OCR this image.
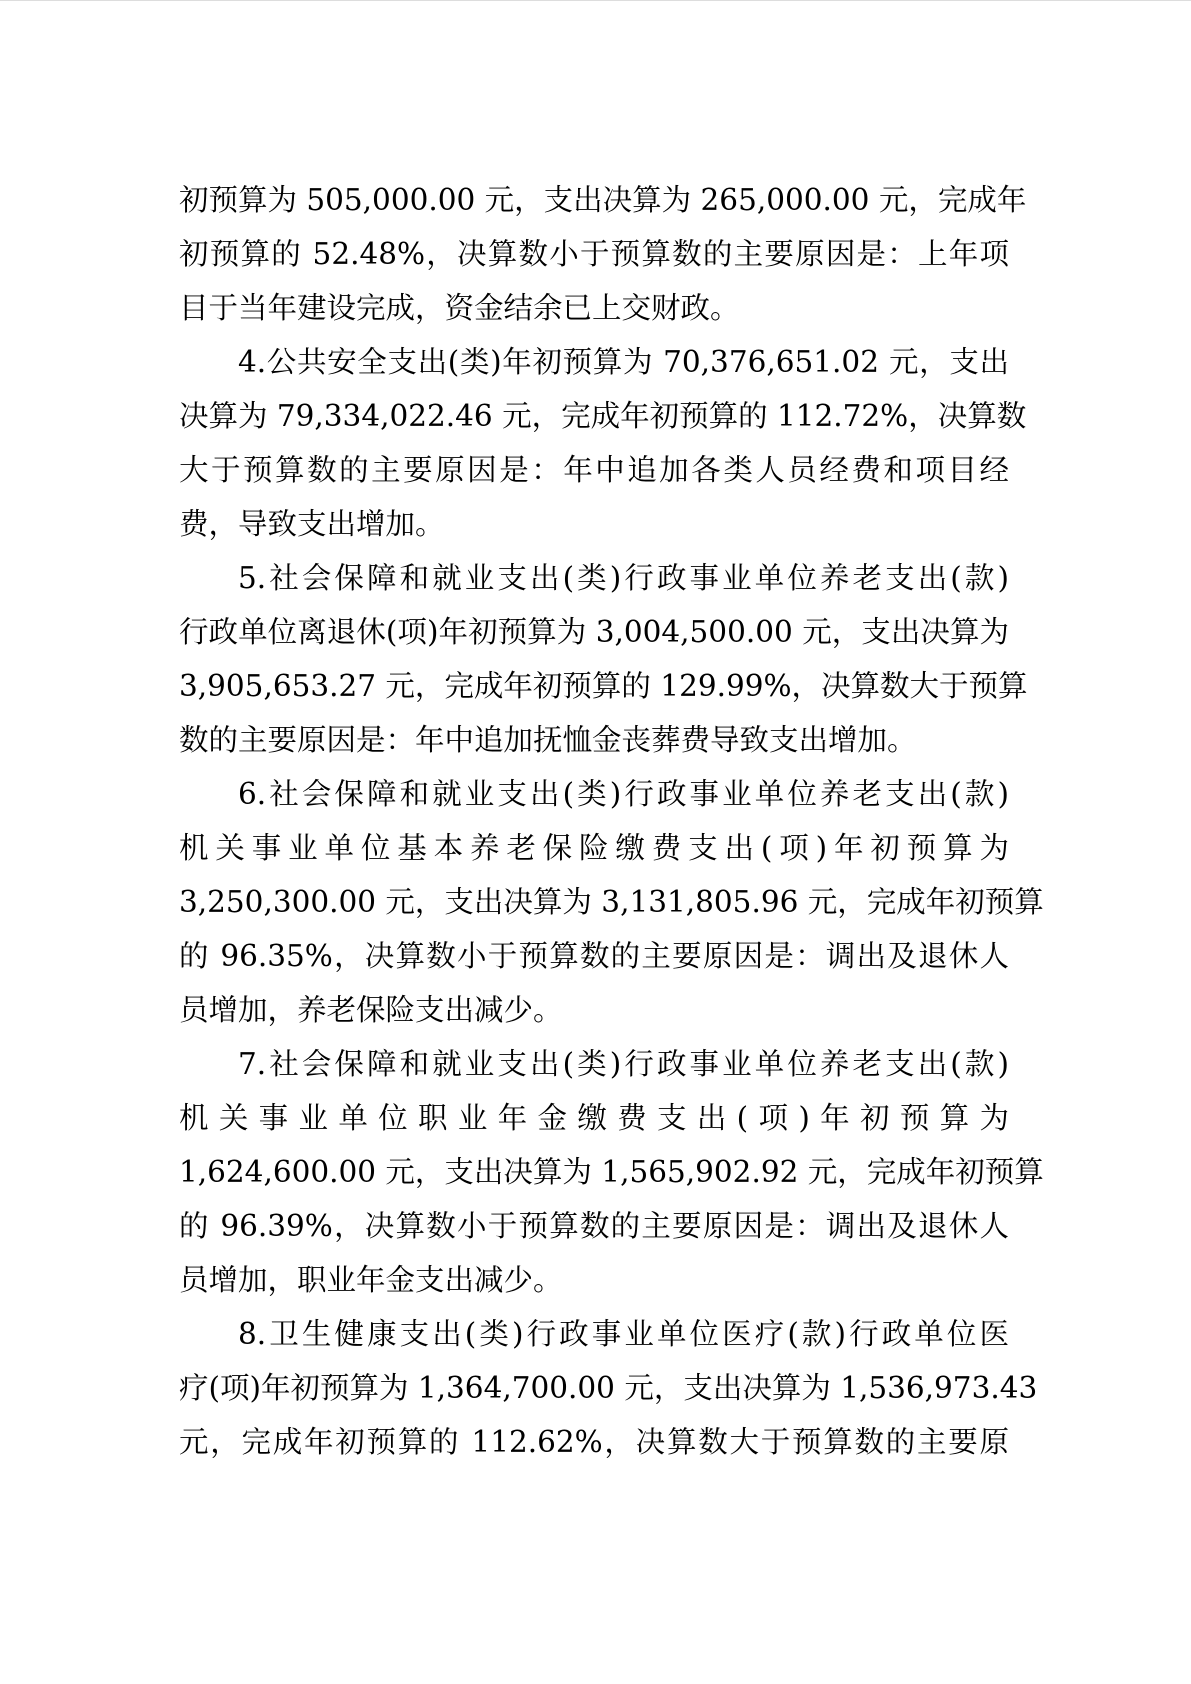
初预算为 505,000.00 元，支出决算为 265,000.00 元，完成年
初预算的 52.48%，决算数小于预算数的主要原因是：上年项
目于当年建设完成，资金结余已上交财政。
4.公共安全支出(类)年初预算为 70,376,651.02 元，支出
决算为 79,334,022.46 元，完成年初预算的 112.72%，决算数
大于预算数的主要原因是：年中追加各类人员经费和项目经
费，导致支出增加。
5.社会保障和就业支出(类)行政事业单位养老支出(款)
行政单位离退休(项)年初预算为 3,004,500.00 元，支出决算为
3,905,653.27 元，完成年初预算的 129.99%，决算数大于预算
数的主要原因是：年中追加抚恤金丧葬费导致支出增加。
6.社会保障和就业支出(类)行政事业单位养老支出(款)
机关事业单位基本养老保险缴费支出(项)年初预算为
3,250,300.00 元，支出决算为 3,131,805.96 元，完成年初预算
的 96.35%，决算数小于预算数的主要原因是：调出及退休人
员增加，养老保险支出减少。
7.社会保障和就业支出(类)行政事业单位养老支出(款)
机关事业单位职业年金缴费支出(项)年初预算为
1,624,600.00 元，支出决算为 1,565,902.92 元，完成年初预算
的 96.39%，决算数小于预算数的主要原因是：调出及退休人
员增加，职业年金支出减少。
8.卫生健康支出(类)行政事业单位医疗(款)行政单位医
疗(项)年初预算为 1,364,700.00 元，支出决算为 1,536,973.43
元，完成年初预算的 112.62%，决算数大于预算数的主要原
